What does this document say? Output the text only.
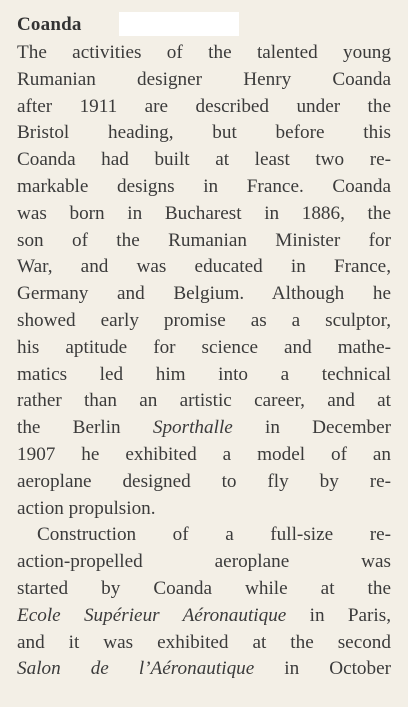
Coanda
The activities of the talented young
Rumanian designer Henry Coanda
after 1911 are described under the
Bristol heading, but before this
Coanda had built at least two re-
markable designs in France. Coanda
was born in Bucharest in 1886, the
son of the Rumanian Minister for
War, and was educated in France,
Germany and Belgium. Although he
showed early promise as a sculptor,
his aptitude for science and mathe-
matics led him into a technical
rather than an artistic career, and at
the Berlin Sporthalle in December
1907 he exhibited a model of an
aeroplane designed to fly by re-
action propulsion.
Construction of a full-size re-
action-propelled aeroplane was
started by Coanda while at the
Ecole Supérieur Aéronautique in Paris,
and it was exhibited at the second
Salon de l’Aéronautique in October
